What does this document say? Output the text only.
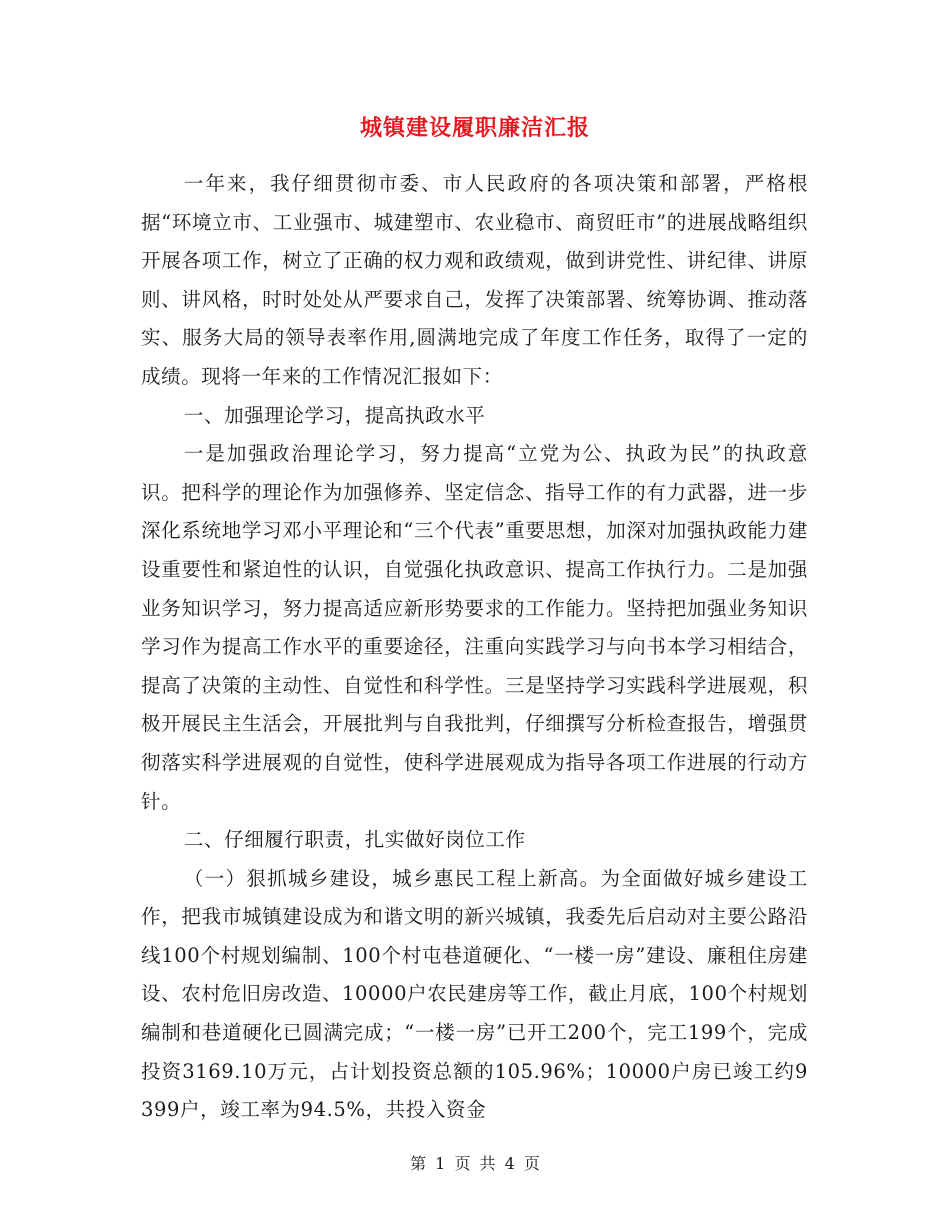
城镇建设履职廉洁汇报

一年来，我仔细贯彻市委、市人民政府的各项决策和部署，严格根据“环境立市、工业强市、城建塑市、农业稳市、商贸旺市”的进展战略组织开展各项工作，树立了正确的权力观和政绩观，做到讲党性、讲纪律、讲原则、讲风格，时时处处从严要求自己，发挥了决策部署、统筹协调、推动落实、服务大局的领导表率作用,圆满地完成了年度工作任务，取得了一定的成绩。现将一年来的工作情况汇报如下：

一、加强理论学习，提高执政水平

一是加强政治理论学习，努力提高“立党为公、执政为民”的执政意识。把科学的理论作为加强修养、坚定信念、指导工作的有力武器，进一步深化系统地学习邓小平理论和“三个代表”重要思想，加深对加强执政能力建设重要性和紧迫性的认识，自觉强化执政意识、提高工作执行力。二是加强业务知识学习，努力提高适应新形势要求的工作能力。坚持把加强业务知识学习作为提高工作水平的重要途径，注重向实践学习与向书本学习相结合，提高了决策的主动性、自觉性和科学性。三是坚持学习实践科学进展观，积极开展民主生活会，开展批判与自我批判，仔细撰写分析检查报告，增强贯彻落实科学进展观的自觉性，使科学进展观成为指导各项工作进展的行动方针。

二、仔细履行职责，扎实做好岗位工作

（一）狠抓城乡建设，城乡惠民工程上新高。为全面做好城乡建设工作，把我市城镇建设成为和谐文明的新兴城镇，我委先后启动对主要公路沿线100个村规划编制、100个村屯巷道硬化、“一楼一房”建设、廉租住房建设、农村危旧房改造、10000户农民建房等工作，截止月底，100个村规划编制和巷道硬化已圆满完成；“一楼一房”已开工200个，完工199个，完成投资3169.10万元，占计划投资总额的105.96%；10000户房已竣工约9399户，竣工率为94.5%，共投入资金

第 1 页 共 4 页
